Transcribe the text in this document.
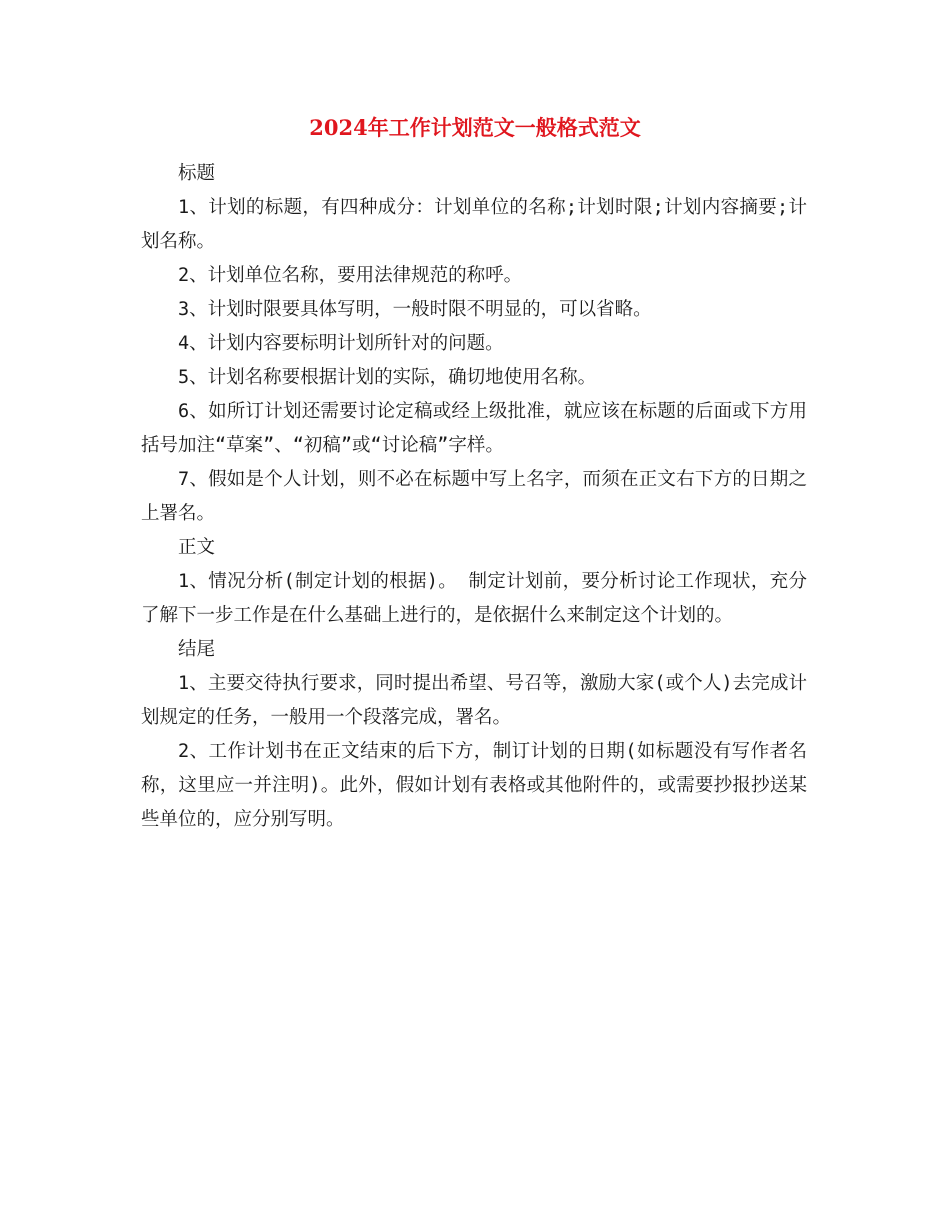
2024年工作计划范文一般格式范文

标题

1、计划的标题，有四种成分：计划单位的名称;计划时限;计划内容摘要;计划名称。

2、计划单位名称，要用法律规范的称呼。

3、计划时限要具体写明，一般时限不明显的，可以省略。

4、计划内容要标明计划所针对的问题。

5、计划名称要根据计划的实际，确切地使用名称。

6、如所订计划还需要讨论定稿或经上级批准，就应该在标题的后面或下方用括号加注“草案”、“初稿”或“讨论稿”字样。

7、假如是个人计划，则不必在标题中写上名字，而须在正文右下方的日期之上署名。

正文

1、情况分析(制定计划的根据)。 制定计划前，要分析讨论工作现状，充分了解下一步工作是在什么基础上进行的，是依据什么来制定这个计划的。

结尾

1、主要交待执行要求，同时提出希望、号召等，激励大家(或个人)去完成计划规定的任务，一般用一个段落完成，署名。

2、工作计划书在正文结束的后下方，制订计划的日期(如标题没有写作者名称，这里应一并注明)。此外，假如计划有表格或其他附件的，或需要抄报抄送某些单位的，应分别写明。
